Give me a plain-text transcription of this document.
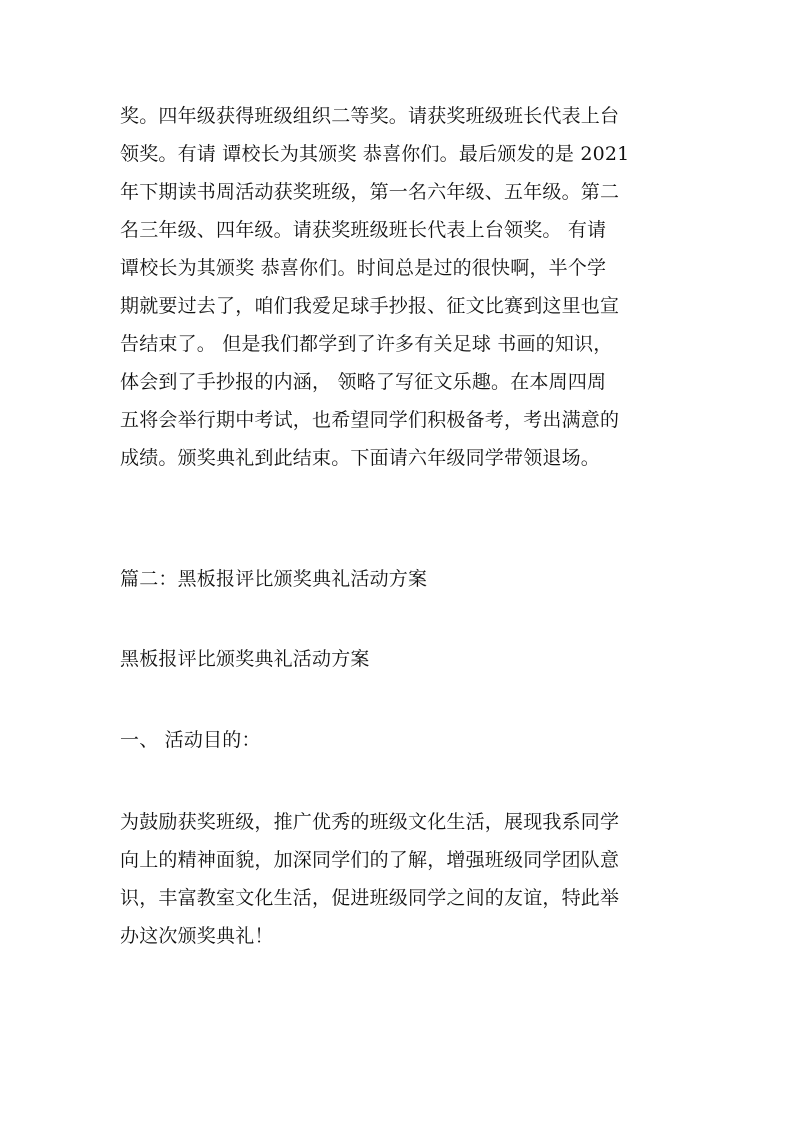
奖。四年级获得班级组织二等奖。请获奖班级班长代表上台
领奖。有请 谭校长为其颁奖 恭喜你们。最后颁发的是 2021
年下期读书周活动获奖班级，第一名六年级、五年级。第二
名三年级、四年级。请获奖班级班长代表上台领奖。 有请
谭校长为其颁奖 恭喜你们。时间总是过的很快啊，半个学
期就要过去了，咱们我爱足球手抄报、征文比赛到这里也宣
告结束了。 但是我们都学到了许多有关足球 书画的知识，
体会到了手抄报的内涵， 领略了写征文乐趣。在本周四周
五将会举行期中考试，也希望同学们积极备考，考出满意的
成绩。颁奖典礼到此结束。下面请六年级同学带领退场。
篇二：黑板报评比颁奖典礼活动方案
黑板报评比颁奖典礼活动方案
一、 活动目的：
为鼓励获奖班级，推广优秀的班级文化生活，展现我系同学
向上的精神面貌，加深同学们的了解，增强班级同学团队意
识，丰富教室文化生活，促进班级同学之间的友谊，特此举
办这次颁奖典礼！
